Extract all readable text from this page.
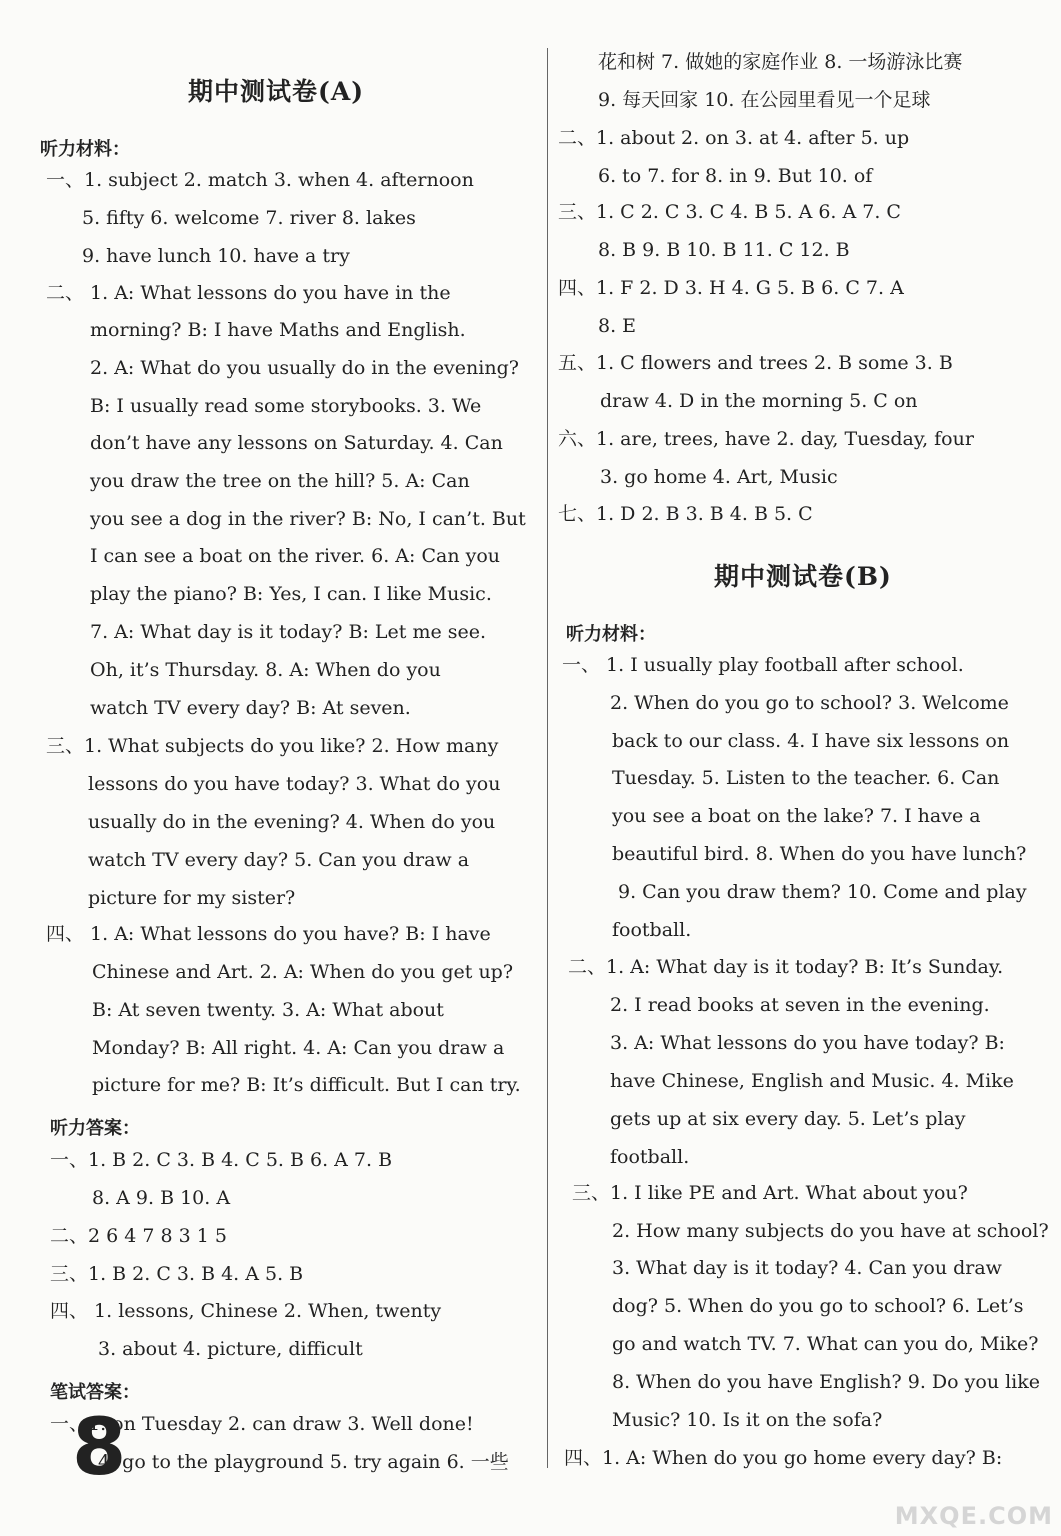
期中测试卷(A)
听力材料：
一、1. subject 2. match 3. when 4. afternoon
5. fifty 6. welcome 7. river 8. lakes
9. have lunch 10. have a try
二、 1. A: What lessons do you have in the
morning? B: I have Maths and English.
2. A: What do you usually do in the evening?
B: I usually read some storybooks. 3. We
don’t have any lessons on Saturday. 4. Can
you draw the tree on the hill? 5. A: Can
you see a dog in the river? B: No, I can’t. But
I can see a boat on the river. 6. A: Can you
play the piano? B: Yes, I can. I like Music.
7. A: What day is it today? B: Let me see.
Oh, it’s Thursday. 8. A: When do you
watch TV every day? B: At seven.
三、1. What subjects do you like? 2. How many
lessons do you have today? 3. What do you
usually do in the evening? 4. When do you
watch TV every day? 5. Can you draw a
picture for my sister?
四、 1. A: What lessons do you have? B: I have
Chinese and Art. 2. A: When do you get up?
B: At seven twenty. 3. A: What about
Monday? B: All right. 4. A: Can you draw a
picture for me? B: It’s difficult. But I can try.
听力答案：
一、1. B 2. C 3. B 4. C 5. B 6. A 7. B
8. A 9. B 10. A
二、2 6 4 7 8 3 1 5
三、1. B 2. C 3. B 4. A 5. B
四、 1. lessons, Chinese 2. When, twenty
3. about 4. picture, difficult
笔试答案：
一、1. on Tuesday 2. can draw 3. Well done!
4. go to the playground 5. try again 6. 一些
花和树 7. 做她的家庭作业 8. 一场游泳比赛
9. 每天回家 10. 在公园里看见一个足球
二、1. about 2. on 3. at 4. after 5. up
6. to 7. for 8. in 9. But 10. of
三、1. C 2. C 3. C 4. B 5. A 6. A 7. C
8. B 9. B 10. B 11. C 12. B
四、1. F 2. D 3. H 4. G 5. B 6. C 7. A
8. E
五、1. C flowers and trees 2. B some 3. B
draw 4. D in the morning 5. C on
六、1. are, trees, have 2. day, Tuesday, four
3. go home 4. Art, Music
七、1. D 2. B 3. B 4. B 5. C
期中测试卷(B)
听力材料：
一、 1. I usually play football after school.
2. When do you go to school? 3. Welcome
back to our class. 4. I have six lessons on
Tuesday. 5. Listen to the teacher. 6. Can
you see a boat on the lake? 7. I have a
beautiful bird. 8. When do you have lunch?
9. Can you draw them? 10. Come and play
football.
二、1. A: What day is it today? B: It’s Sunday.
2. I read books at seven in the evening.
3. A: What lessons do you have today? B:
have Chinese, English and Music. 4. Mike
gets up at six every day. 5. Let’s play
football.
三、1. I like PE and Art. What about you?
2. How many subjects do you have at school?
3. What day is it today? 4. Can you draw
dog? 5. When do you go to school? 6. Let’s
go and watch TV. 7. What can you do, Mike?
8. When do you have English? 9. Do you like
Music? 10. Is it on the sofa?
四、1. A: When do you go home every day? B:
8
MXQE.COM
